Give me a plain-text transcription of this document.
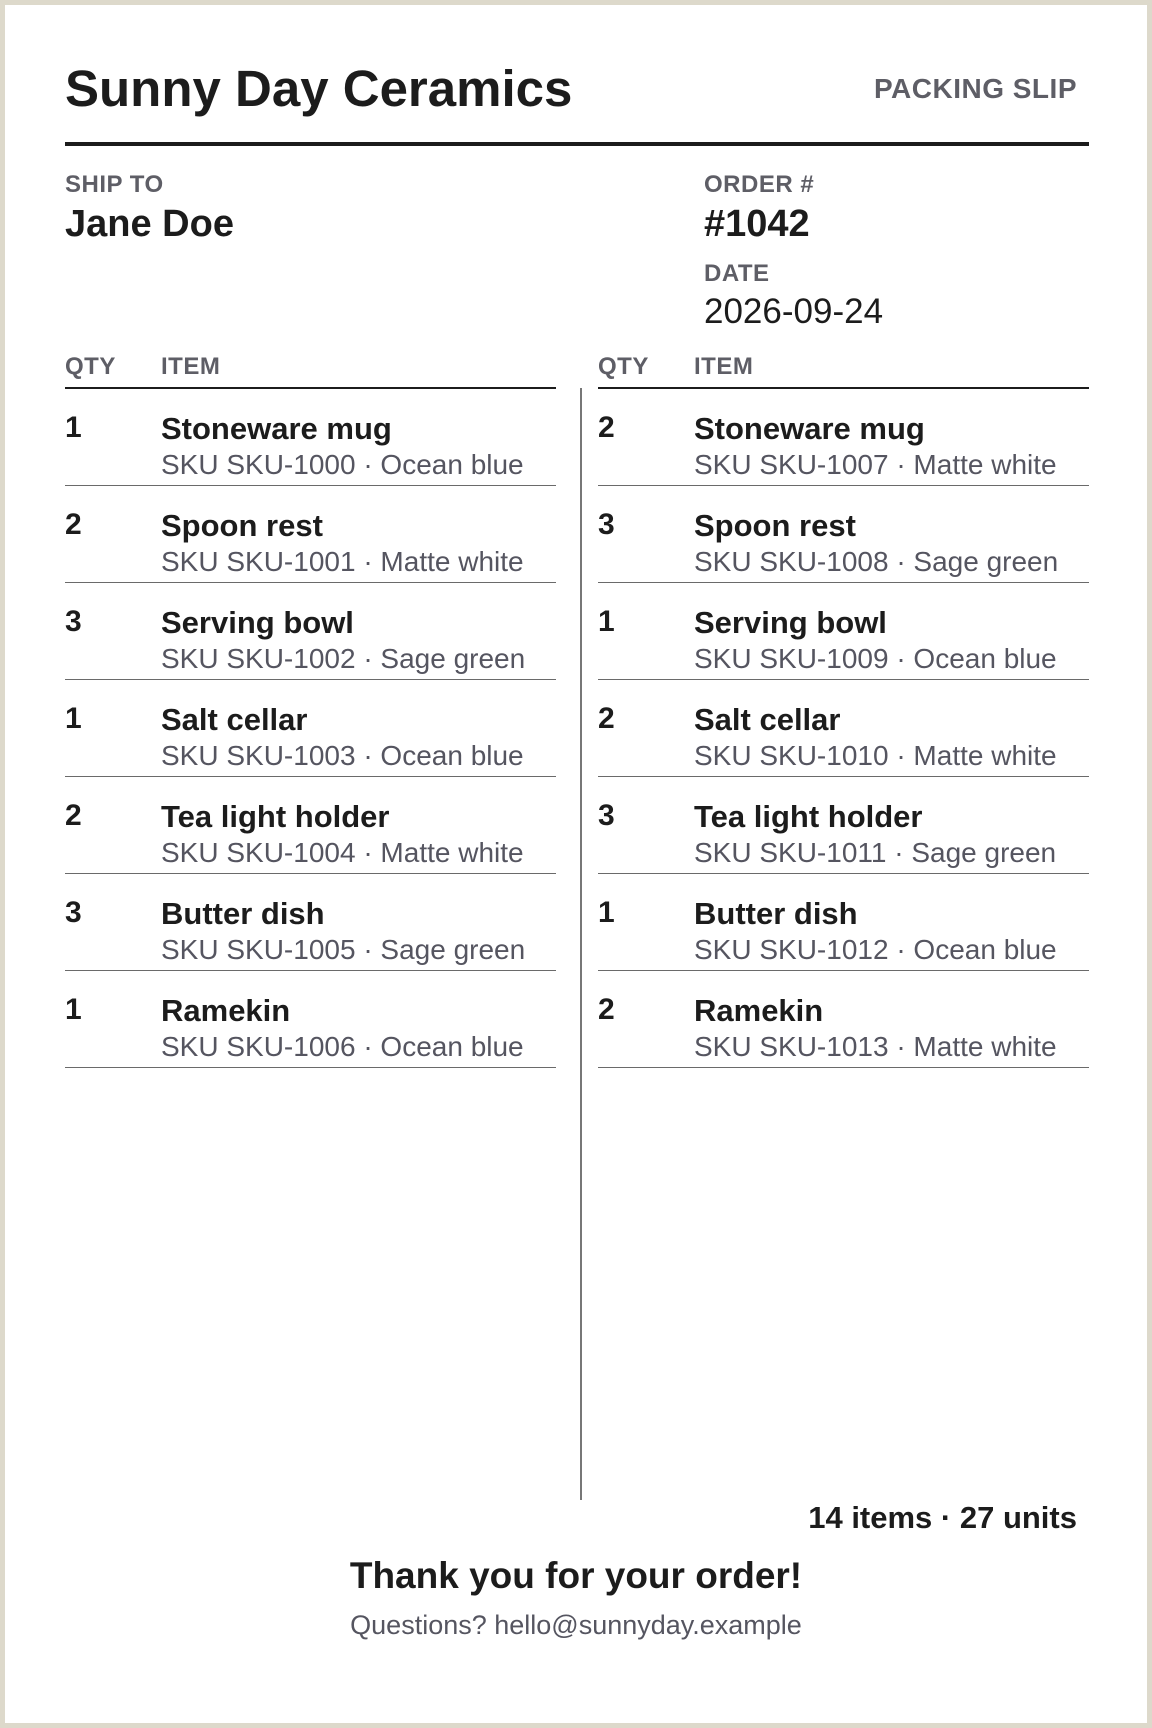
Sunny Day Ceramics	PACKING SLIP
SHIP TO
Jane Doe
ORDER #
#1042
DATE
2026-09-24
QTY ITEM
1	Stoneware mug
SKU SKU-1000 · Ocean blue
2	Spoon rest
SKU SKU-1001 · Matte white
3	Serving bowl
SKU SKU-1002 · Sage green
1	Salt cellar
SKU SKU-1003 · Ocean blue
2	Tea light holder
SKU SKU-1004 · Matte white
3	Butter dish
SKU SKU-1005 · Sage green
1	Ramekin
SKU SKU-1006 · Ocean blue
QTY ITEM
2	Stoneware mug
SKU SKU-1007 · Matte white
3	Spoon rest
SKU SKU-1008 · Sage green
1	Serving bowl
SKU SKU-1009 · Ocean blue
2	Salt cellar
SKU SKU-1010 · Matte white
3	Tea light holder
SKU SKU-1011 · Sage green
1	Butter dish
SKU SKU-1012 · Ocean blue
2	Ramekin
SKU SKU-1013 · Matte white
14 items · 27 units
Thank you for your order!
Questions? hello@sunnyday.example
